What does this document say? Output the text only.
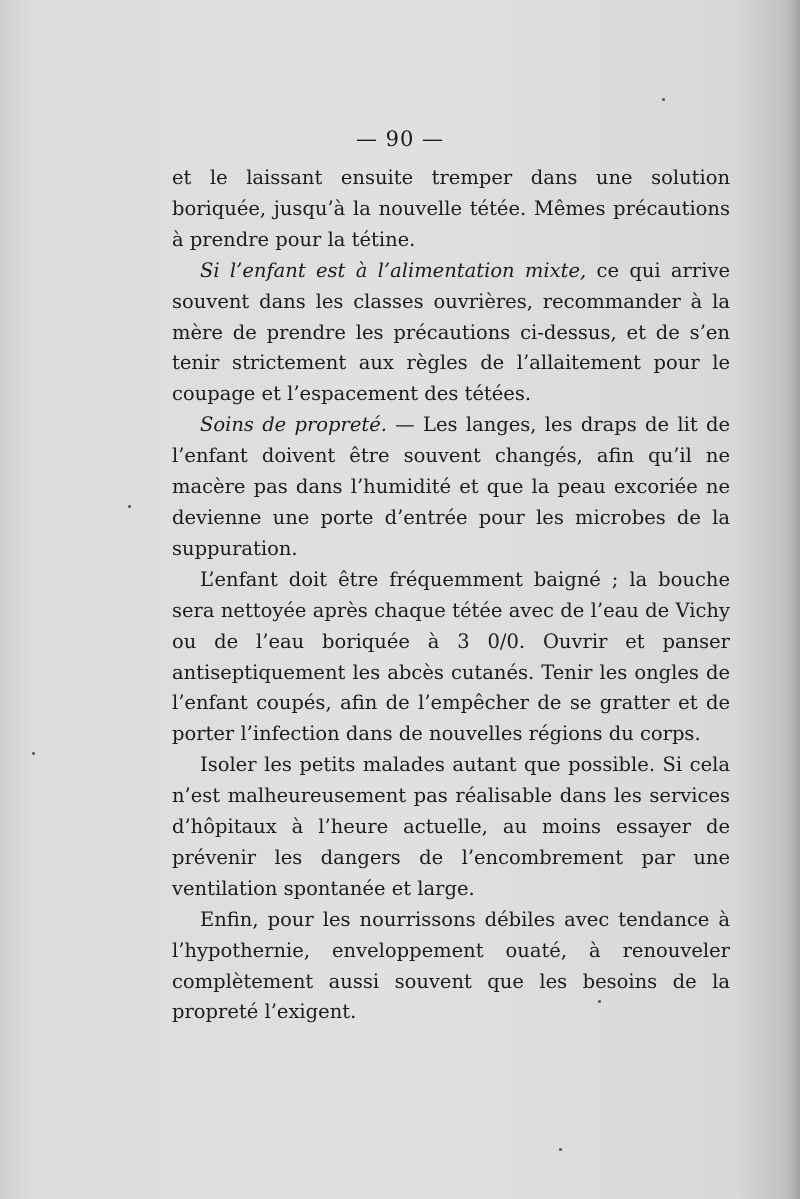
— 90 —

et le laissant ensuite tremper dans une solution boriquée, jusqu’à la nouvelle tétée. Mêmes précautions à prendre pour la tétine.

Si l’enfant est à l’alimentation mixte, ce qui arrive souvent dans les classes ouvrières, recommander à la mère de prendre les précautions ci-dessus, et de s’en tenir strictement aux règles de l’allaitement pour le coupage et l’espacement des tétées.

Soins de propreté. — Les langes, les draps de lit de l’enfant doivent être souvent changés, afin qu’il ne macère pas dans l’humidité et que la peau excoriée ne devienne une porte d’entrée pour les microbes de la suppuration.

L’enfant doit être fréquemment baigné ; la bouche sera nettoyée après chaque tétée avec de l’eau de Vichy ou de l’eau boriquée à 3 0/0. Ouvrir et panser antiseptiquement les abcès cutanés. Tenir les ongles de l’enfant coupés, afin de l’empêcher de se gratter et de porter l’infection dans de nouvelles régions du corps.

Isoler les petits malades autant que possible. Si cela n’est malheureusement pas réalisable dans les services d’hôpitaux à l’heure actuelle, au moins essayer de prévenir les dangers de l’encombrement par une ventilation spontanée et large.

Enfin, pour les nourrissons débiles avec tendance à l’hypothernie, enveloppement ouaté, à renouveler complètement aussi souvent que les besoins de la propreté l’exigent.
